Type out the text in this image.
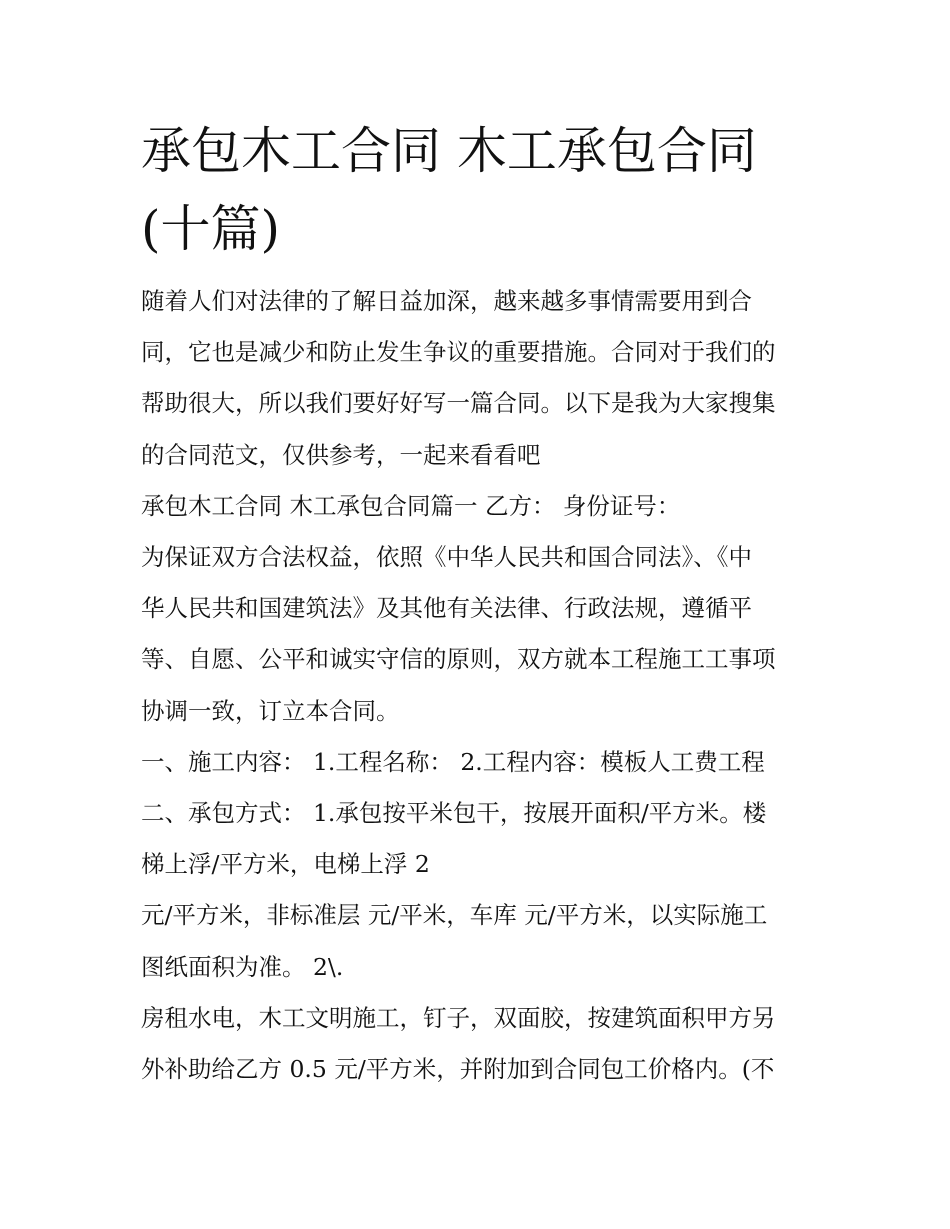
承包木工合同 木工承包合同
(十篇)

随着人们对法律的了解日益加深，越来越多事情需要用到合
同，它也是减少和防止发生争议的重要措施。合同对于我们的
帮助很大，所以我们要好好写一篇合同。以下是我为大家搜集
的合同范文，仅供参考，一起来看看吧

承包木工合同 木工承包合同篇一 乙方： 身份证号：

为保证双方合法权益，依照《中华人民共和国合同法》、《中
华人民共和国建筑法》及其他有关法律、行政法规，遵循平
等、自愿、公平和诚实守信的原则，双方就本工程施工工事项
协调一致，订立本合同。

一、施工内容： 1.工程名称： 2.工程内容：模板人工费工程

二、承包方式： 1.承包按平米包干，按展开面积/平方米。楼
梯上浮/平方米，电梯上浮 2

元/平方米，非标准层 元/平米，车库 元/平方米，以实际施工
图纸面积为准。 2\.

房租水电，木工文明施工，钉子，双面胶，按建筑面积甲方另
外补助给乙方 0.5 元/平方米，并附加到合同包工价格内。(不
